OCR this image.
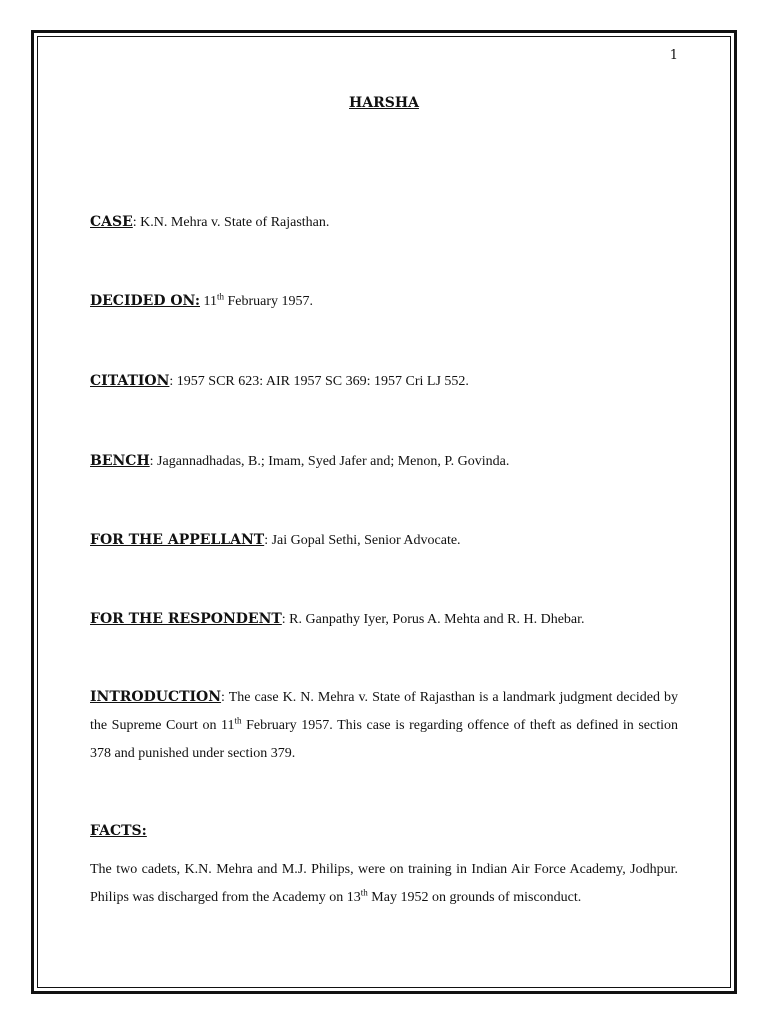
1
HARSHA
CASE: K.N. Mehra v. State of Rajasthan.
DECIDED ON: 11th February 1957.
CITATION: 1957 SCR 623: AIR 1957 SC 369: 1957 Cri LJ 552.
BENCH: Jagannadhadas, B.; Imam, Syed Jafer and; Menon, P. Govinda.
FOR THE APPELLANT: Jai Gopal Sethi, Senior Advocate.
FOR THE RESPONDENT: R. Ganpathy Iyer, Porus A. Mehta and R. H. Dhebar.
INTRODUCTION: The case K. N. Mehra v. State of Rajasthan is a landmark judgment decided by the Supreme Court on 11th February 1957. This case is regarding offence of theft as defined in section 378 and punished under section 379.
FACTS:
The two cadets, K.N. Mehra and M.J. Philips, were on training in Indian Air Force Academy, Jodhpur. Philips was discharged from the Academy on 13th May 1952 on grounds of misconduct.
